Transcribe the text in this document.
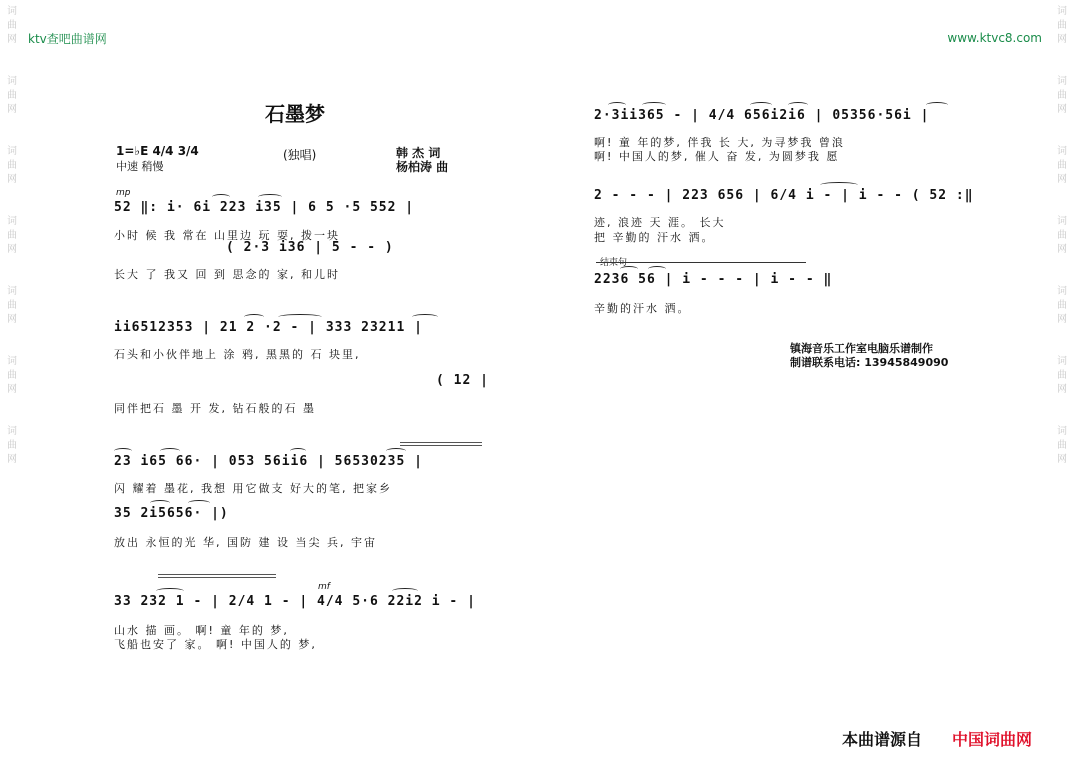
词
曲
网
词
曲
网
词
曲
网
词
曲
网
词
曲
网
词
曲
网
词
曲
网
词
曲
网
词
曲
网
词
曲
网
词
曲
网
词
曲
网
词
曲
网
词
曲
网
ktv查吧曲谱网	www.ktvc8.com
石墨梦
1=♭E 4/4 3/4
中速 稍慢
(独唱)	韩 杰 词
杨柏涛 曲
mp
52 ‖: i· 6i 223 i35 | 6 5 ·5 552 |
小时 候 我 常在 山里边 玩 耍, 拨一块
( 2·3 i36 | 5 - - )
长大 了 我又 回 到 思念的 家, 和儿时
ii6512353 | 21 2 ·2 - | 333 23211 |
石头和小伙伴地上 涂 鸦, 黑黑的 石 块里,
( 12 |
同伴把石 墨 开 发, 钻石般的石 墨
23 i65 66· | 053 56ii6 | 56530235 |
闪 耀着 墨花, 我想 用它做支 好大的笔, 把家乡
35 2i5656· |)
放出 永恒的光 华, 国防 建 设 当尖 兵, 宇宙
mf
33 232 1 - | 2/4 1 - | 4/4 5·6 22i2 i - |
山水 描 画。 啊! 童 年的 梦,
飞船也安了 家。 啊! 中国人的 梦,
2·3ii365 - | 4/4 656i2i6 | 05356·56i |
啊! 童 年的梦, 伴我 长 大, 为寻梦我 曾浪
啊! 中国人的梦, 催人 奋 发, 为圆梦我 愿
2 - - - | 223 656 | 6/4 i - | i - - ( 52 :‖
迹, 浪迹 天 涯。 长大
把 辛勤的 汗水 洒。
结束句
2236 56 | i - - - | i - - ‖
辛勤的汗水 洒。
镇海音乐工作室电脑乐谱制作
制谱联系电话: 13945849090
本曲谱源自 中国词曲网
